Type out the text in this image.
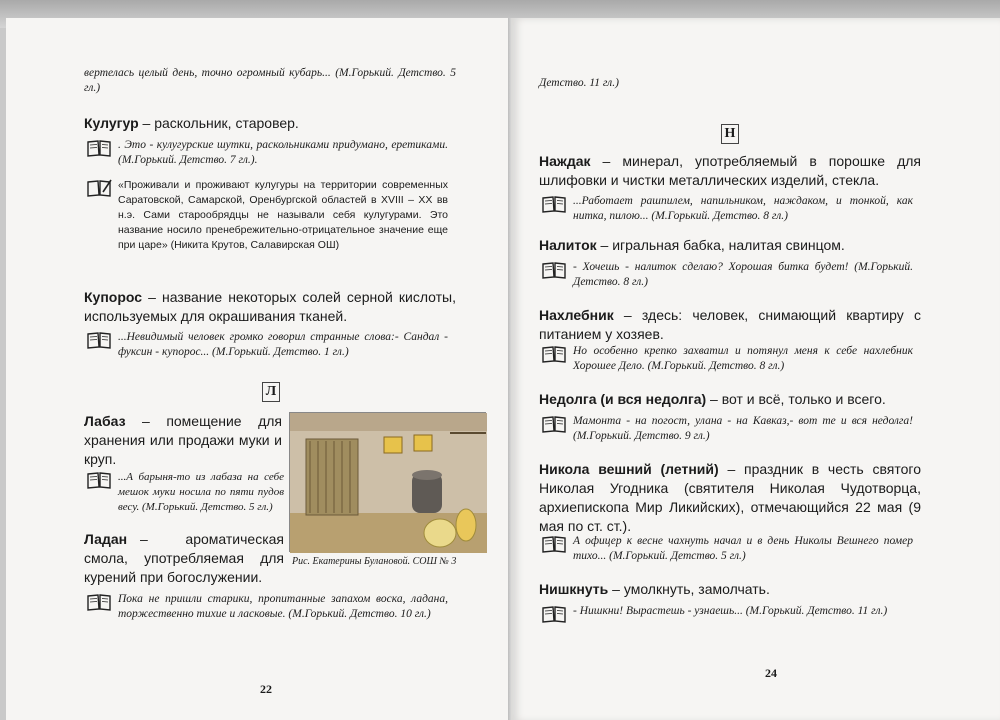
вертелась целый день, точно огромный кубарь... (М.Горький. Детство. 5 гл.)
Кулугур – раскольник, старовер.
. Это - кулугурские шутки, раскольниками придумано, еретиками. (М.Горький. Детство. 7 гл.).
«Проживали и проживают кулугуры на территории современных Саратовской, Самарской, Оренбургской областей в XVIII – XX вв н.э. Сами старообрядцы не называли себя кулугурами. Это название носило пренебрежительно-отрицательное значение еще при царе» (Никита Крутов, Салавирская ОШ)
Купорос – название некоторых солей серной кислоты, используемых для окрашивания тканей.
...Невидимый человек громко говорил странные слова:- Сандал - фуксин - купорос... (М.Горький. Детство. 1 гл.)
Л
Лабаз – помещение для хранения или продажи муки и круп.
...А барыня-то из лабаза на себе мешок муки носила по пяти пудов весу. (М.Горький. Детство. 5 гл.)
Рис. Екатерины Булановой. СОШ № 3
Ладан – ароматическая смола, употребляемая для курений при богослужении.
Пока не пришли старики, пропитанные запахом воска, ладана, торжественно тихие и ласковые. (М.Горький. Детство. 10 гл.)
22
Детство. 11 гл.)
Н
Наждак – минерал, употребляемый в порошке для шлифовки и чистки металлических изделий, стекла.
...Работает рашпилем, напильником, наждаком, и тонкой, как нитка, пилою... (М.Горький. Детство. 8 гл.)
Налиток – игральная бабка, налитая свинцом.
- Хочешь - налиток сделаю? Хорошая битка будет! (М.Горький. Детство. 8 гл.)
Нахлебник – здесь: человек, снимающий квартиру с питанием у хозяев.
Но особенно крепко захватил и потянул меня к себе нахлебник Хорошее Дело. (М.Горький. Детство. 8 гл.)
Недолга (и вся недолга) – вот и всё, только и всего.
Мамонта - на погост, улана - на Кавказ,- вот те и вся недолга! (М.Горький. Детство. 9 гл.)
Никола вешний (летний) – праздник в честь святого Николая Угодника (святителя Николая Чудотворца, архиепископа Мир Ликийских), отмечающийся 22 мая (9 мая по ст. ст.).
А офицер к весне чахнуть начал и в день Николы Вешнего помер тихо... (М.Горький. Детство. 5 гл.)
Нишкнуть – умолкнуть, замолчать.
- Нишкни! Вырастешь - узнаешь... (М.Горький. Детство. 11 гл.)
24
